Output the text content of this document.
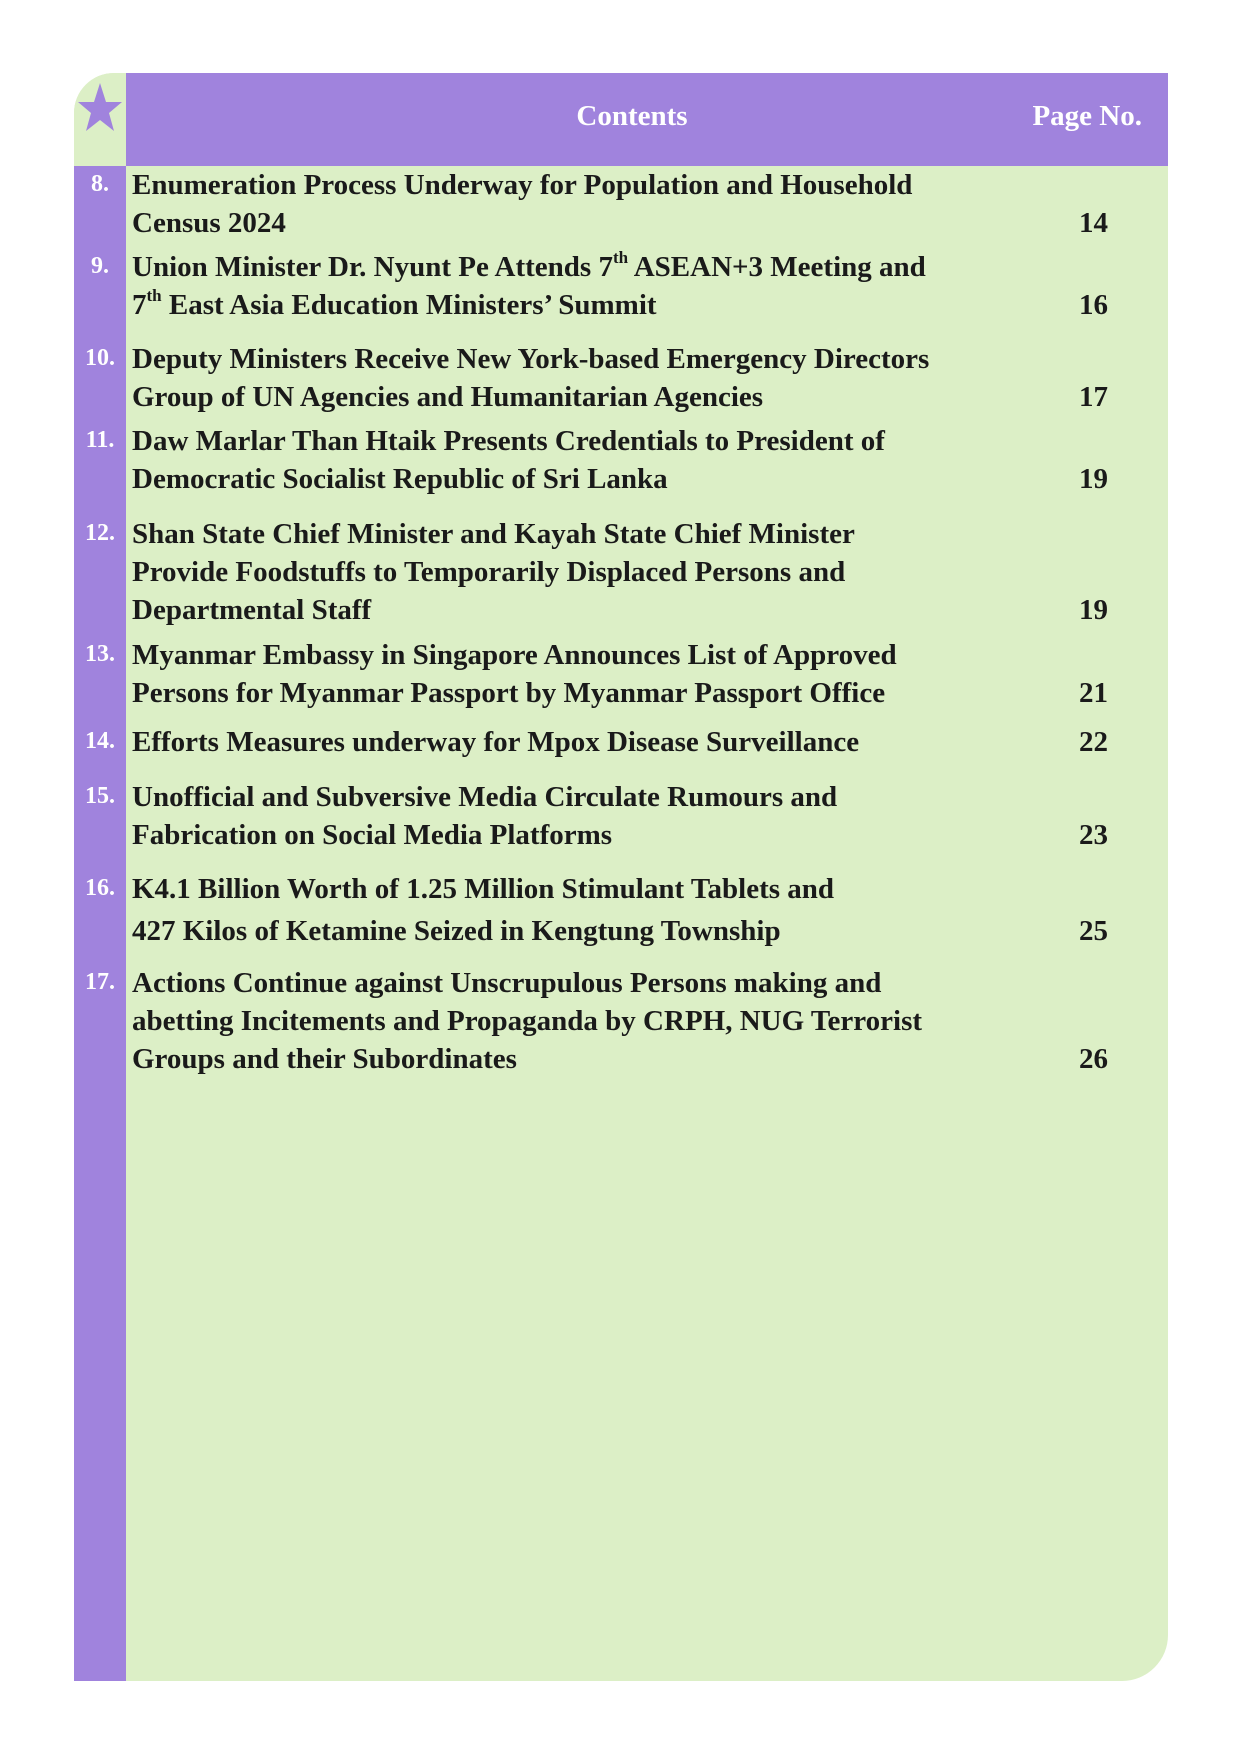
Contents	Page No.
8. Enumeration Process Underway for Population and Household
Census 2024	14
9. Union Minister Dr. Nyunt Pe Attends 7th ASEAN+3 Meeting and
7th East Asia Education Ministers’ Summit	16
10. Deputy Ministers Receive New York-based Emergency Directors
Group of UN Agencies and Humanitarian Agencies	17
11. Daw Marlar Than Htaik Presents Credentials to President of
Democratic Socialist Republic of Sri Lanka	19
12. Shan State Chief Minister and Kayah State Chief Minister
Provide Foodstuffs to Temporarily Displaced Persons and
Departmental Staff	19
13. Myanmar Embassy in Singapore Announces List of Approved
Persons for Myanmar Passport by Myanmar Passport Office	21
14. Efforts Measures underway for Mpox Disease Surveillance	22
15. Unofficial and Subversive Media Circulate Rumours and
Fabrication on Social Media Platforms	23
16. K4.1 Billion Worth of 1.25 Million Stimulant Tablets and
427 Kilos of Ketamine Seized in Kengtung Township	25
17. Actions Continue against Unscrupulous Persons making and
abetting Incitements and Propaganda by CRPH, NUG Terrorist
Groups and their Subordinates	26
